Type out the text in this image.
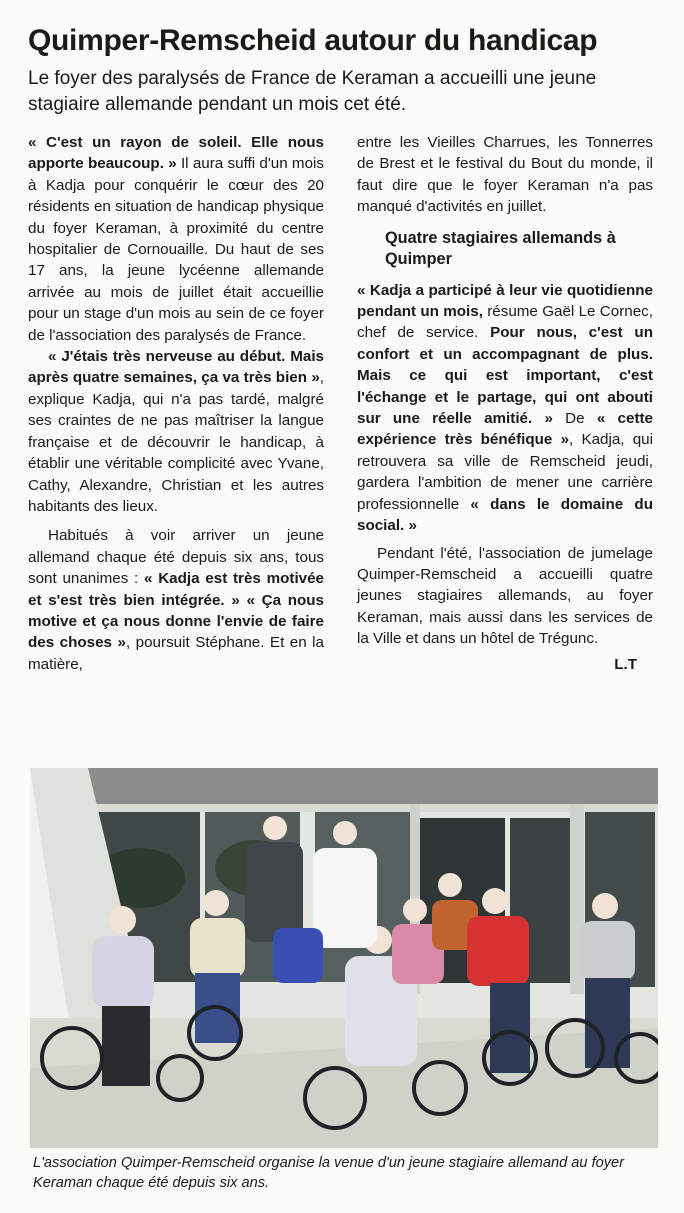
Quimper-Remscheid autour du handicap

Le foyer des paralysés de France de Keraman a accueilli une jeune stagiaire allemande pendant un mois cet été.

« C'est un rayon de soleil. Elle nous apporte beaucoup. » Il aura suffi d'un mois à Kadja pour conquérir le cœur des 20 résidents en situation de handicap physique du foyer Keraman, à proximité du centre hospitalier de Cornouaille. Du haut de ses 17 ans, la jeune lycéenne allemande arrivée au mois de juillet était accueillie pour un stage d'un mois au sein de ce foyer de l'association des paralysés de France.

« J'étais très nerveuse au début. Mais après quatre semaines, ça va très bien », explique Kadja, qui n'a pas tardé, malgré ses craintes de ne pas maîtriser la langue française et de découvrir le handicap, à établir une véritable complicité avec Yvane, Cathy, Alexandre, Christian et les autres habitants des lieux.

Habitués à voir arriver un jeune allemand chaque été depuis six ans, tous sont unanimes : « Kadja est très motivée et s'est très bien intégrée. » « Ça nous motive et ça nous donne l'envie de faire des choses », poursuit Stéphane. Et en la matière,

entre les Vieilles Charrues, les Tonnerres de Brest et le festival du Bout du monde, il faut dire que le foyer Keraman n'a pas manqué d'activités en juillet.

Quatre stagiaires allemands à Quimper

« Kadja a participé à leur vie quotidienne pendant un mois, résume Gaël Le Cornec, chef de service. Pour nous, c'est un confort et un accompagnant de plus. Mais ce qui est important, c'est l'échange et le partage, qui ont abouti sur une réelle amitié. » De « cette expérience très bénéfique », Kadja, qui retrouvera sa ville de Remscheid jeudi, gardera l'ambition de mener une carrière professionnelle « dans le domaine du social. »

Pendant l'été, l'association de jumelage Quimper-Remscheid a accueilli quatre jeunes stagiaires allemands, au foyer Keraman, mais aussi dans les services de la Ville et dans un hôtel de Trégunc.

L.T

L'association Quimper-Remscheid organise la venue d'un jeune stagiaire allemand au foyer Keraman chaque été depuis six ans.
